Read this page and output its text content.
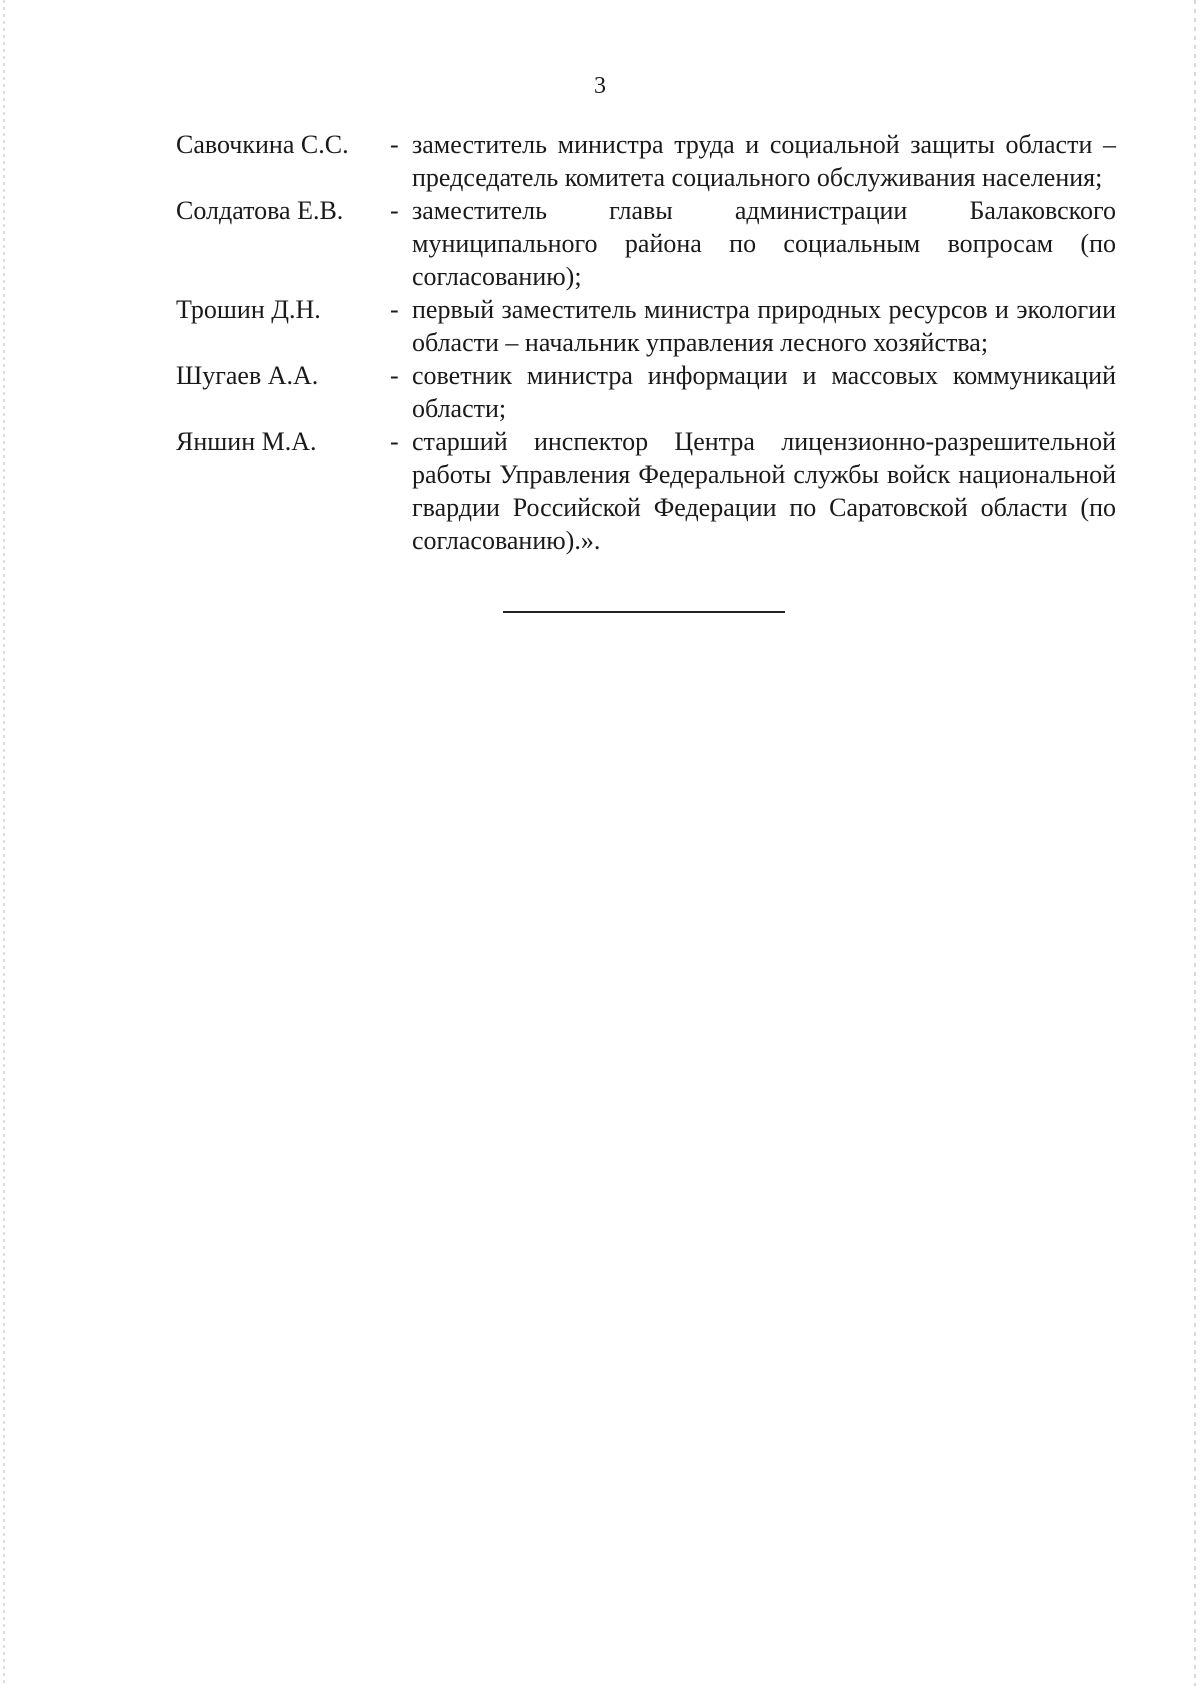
3
Савочкина С.С.	- заместитель министра труда и социальной защиты области – председатель комитета социального обслуживания населения;
Солдатова Е.В.	- заместитель главы администрации Балаковского муниципального района по социальным вопросам (по согласованию);
Трошин Д.Н.	- первый заместитель министра природных ресурсов и экологии области – начальник управления лесного хозяйства;
Шугаев А.А.	- советник министра информации и массовых коммуникаций области;
Яншин М.А.	- старший инспектор Центра лицензионно-разрешительной работы Управления Федеральной службы войск национальной гвардии Российской Федерации по Саратовской области (по согласованию).».
